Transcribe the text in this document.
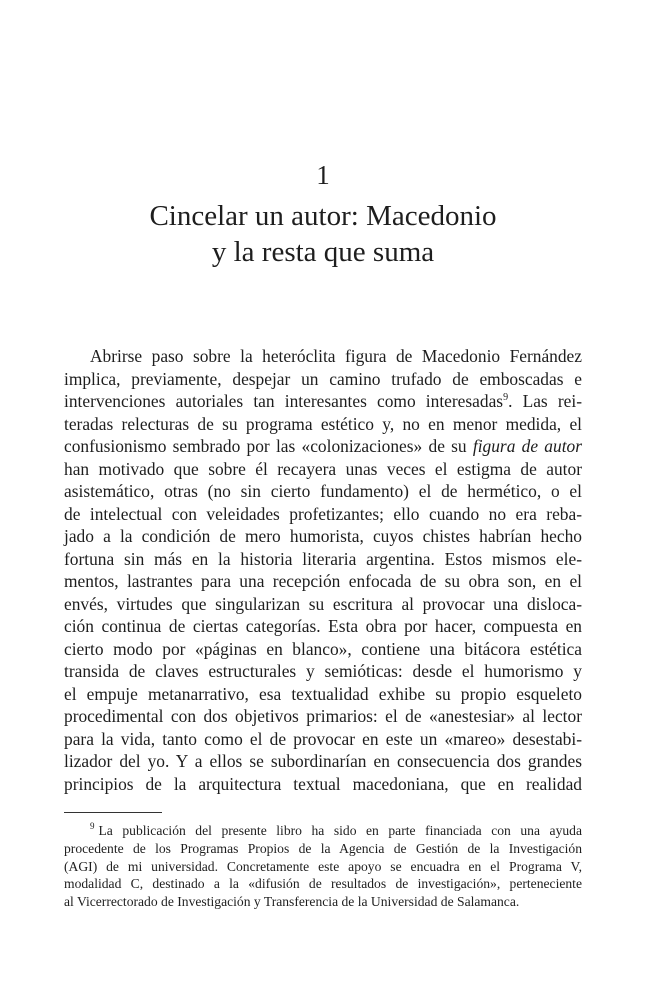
1
Cincelar un autor: Macedonio
y la resta que suma
Abrirse paso sobre la heteróclita figura de Macedonio Fernández
implica, previamente, despejar un camino trufado de emboscadas e
intervenciones autoriales tan interesantes como interesadas$^9$. Las rei-
teradas relecturas de su programa estético y, no en menor medida, el
confusionismo sembrado por las «colonizaciones» de su figura de autor
han motivado que sobre él recayera unas veces el estigma de autor
asistemático, otras (no sin cierto fundamento) el de hermético, o el
de intelectual con veleidades profetizantes; ello cuando no era reba-
jado a la condición de mero humorista, cuyos chistes habrían hecho
fortuna sin más en la historia literaria argentina. Estos mismos ele-
mentos, lastrantes para una recepción enfocada de su obra son, en el
envés, virtudes que singularizan su escritura al provocar una disloca-
ción continua de ciertas categorías. Esta obra por hacer, compuesta en
cierto modo por «páginas en blanco», contiene una bitácora estética
transida de claves estructurales y semióticas: desde el humorismo y
el empuje metanarrativo, esa textualidad exhibe su propio esqueleto
procedimental con dos objetivos primarios: el de «anestesiar» al lector
para la vida, tanto como el de provocar en este un «mareo» desestabi-
lizador del yo. Y a ellos se subordinarían en consecuencia dos grandes
principios de la arquitectura textual macedoniana, que en realidad
$^9$ La publicación del presente libro ha sido en parte financiada con una ayuda
procedente de los Programas Propios de la Agencia de Gestión de la Investigación
(AGI) de mi universidad. Concretamente este apoyo se encuadra en el Programa V,
modalidad C, destinado a la «difusión de resultados de investigación», perteneciente
al Vicerrectorado de Investigación y Transferencia de la Universidad de Salamanca.
